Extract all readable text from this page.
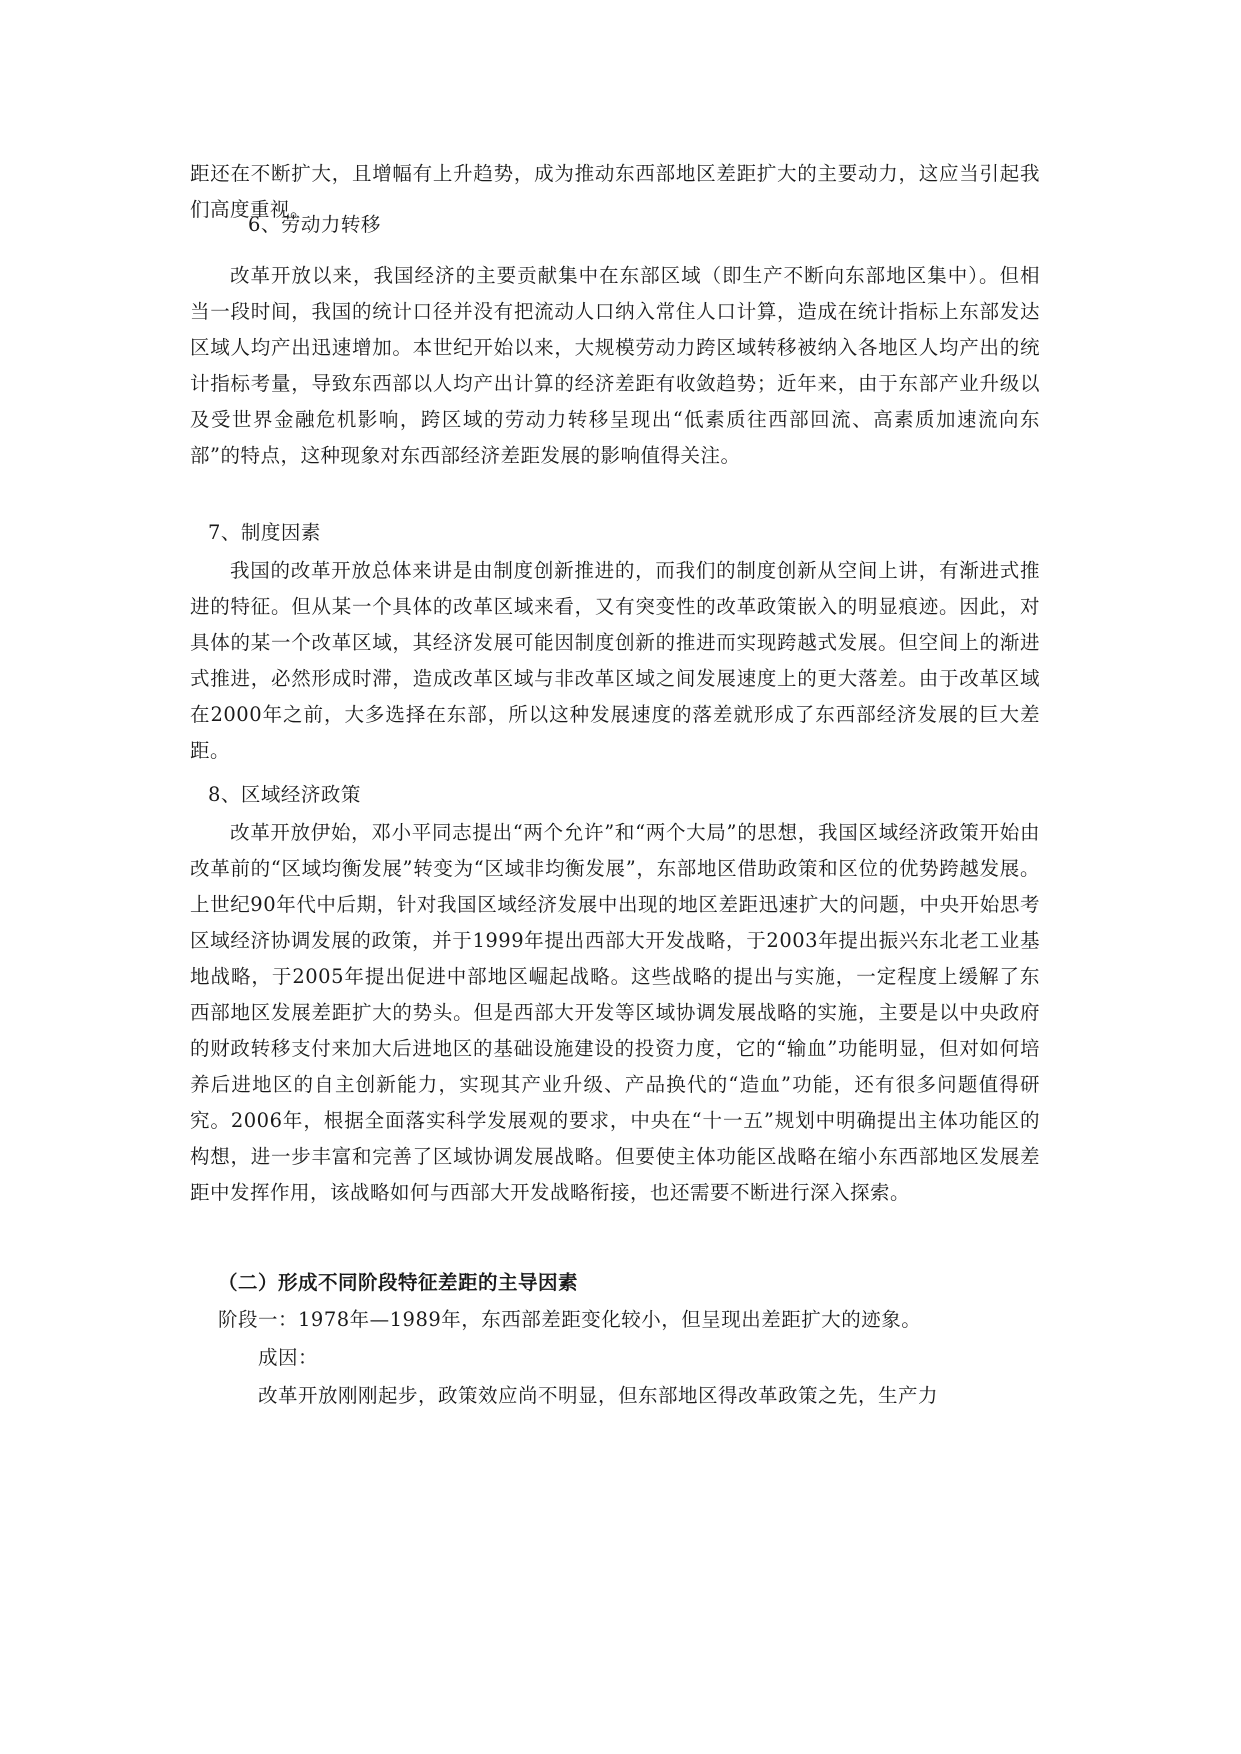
距还在不断扩大，且增幅有上升趋势，成为推动东西部地区差距扩大的主要动力，这应当引起我们高度重视。

6、劳动力转移

改革开放以来，我国经济的主要贡献集中在东部区域（即生产不断向东部地区集中）。但相当一段时间，我国的统计口径并没有把流动人口纳入常住人口计算，造成在统计指标上东部发达区域人均产出迅速增加。本世纪开始以来，大规模劳动力跨区域转移被纳入各地区人均产出的统计指标考量，导致东西部以人均产出计算的经济差距有收敛趋势；近年来，由于东部产业升级以及受世界金融危机影响，跨区域的劳动力转移呈现出“低素质往西部回流、高素质加速流向东部”的特点，这种现象对东西部经济差距发展的影响值得关注。

7、制度因素

我国的改革开放总体来讲是由制度创新推进的，而我们的制度创新从空间上讲，有渐进式推进的特征。但从某一个具体的改革区域来看，又有突变性的改革政策嵌入的明显痕迹。因此，对具体的某一个改革区域，其经济发展可能因制度创新的推进而实现跨越式发展。但空间上的渐进式推进，必然形成时滞，造成改革区域与非改革区域之间发展速度上的更大落差。由于改革区域在2000年之前，大多选择在东部，所以这种发展速度的落差就形成了东西部经济发展的巨大差距。

8、区域经济政策

改革开放伊始，邓小平同志提出“两个允许”和“两个大局”的思想，我国区域经济政策开始由改革前的“区域均衡发展”转变为“区域非均衡发展”，东部地区借助政策和区位的优势跨越发展。上世纪90年代中后期，针对我国区域经济发展中出现的地区差距迅速扩大的问题，中央开始思考区域经济协调发展的政策，并于1999年提出西部大开发战略，于2003年提出振兴东北老工业基地战略，于2005年提出促进中部地区崛起战略。这些战略的提出与实施，一定程度上缓解了东西部地区发展差距扩大的势头。但是西部大开发等区域协调发展战略的实施，主要是以中央政府的财政转移支付来加大后进地区的基础设施建设的投资力度，它的“输血”功能明显，但对如何培养后进地区的自主创新能力，实现其产业升级、产品换代的“造血”功能，还有很多问题值得研究。2006年，根据全面落实科学发展观的要求，中央在“十一五”规划中明确提出主体功能区的构想，进一步丰富和完善了区域协调发展战略。但要使主体功能区战略在缩小东西部地区发展差距中发挥作用，该战略如何与西部大开发战略衔接，也还需要不断进行深入探索。

（二）形成不同阶段特征差距的主导因素

阶段一：1978年—1989年，东西部差距变化较小，但呈现出差距扩大的迹象。

成因：

改革开放刚刚起步，政策效应尚不明显，但东部地区得改革政策之先，生产力
